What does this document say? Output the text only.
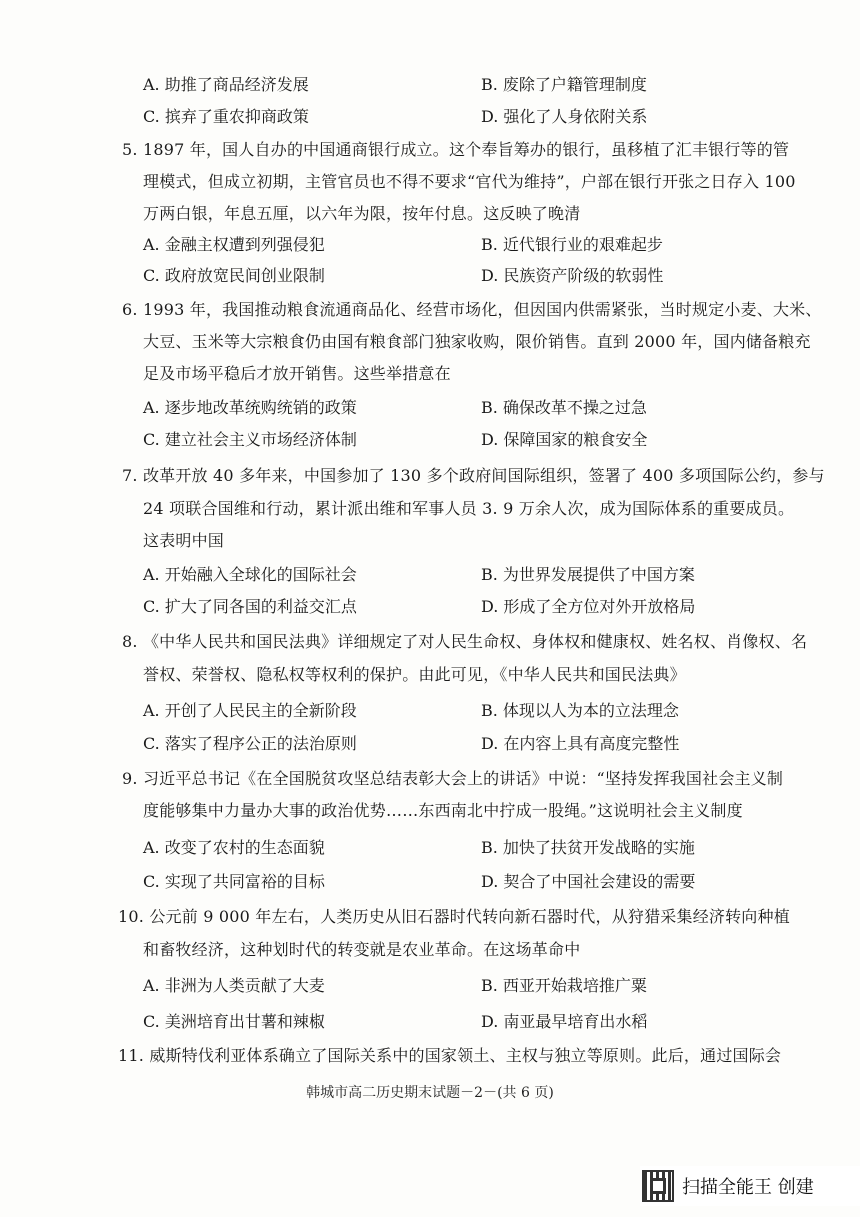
A. 助推了商品经济发展	B. 废除了户籍管理制度
C. 摈弃了重农抑商政策	D. 强化了人身依附关系
5. 1897 年，国人自办的中国通商银行成立。这个奉旨筹办的银行，虽移植了汇丰银行等的管
理模式，但成立初期，主管官员也不得不要求“官代为维持”，户部在银行开张之日存入 100
万两白银，年息五厘，以六年为限，按年付息。这反映了晚清
A. 金融主权遭到列强侵犯	B. 近代银行业的艰难起步
C. 政府放宽民间创业限制	D. 民族资产阶级的软弱性
6. 1993 年，我国推动粮食流通商品化、经营市场化，但因国内供需紧张，当时规定小麦、大米、
大豆、玉米等大宗粮食仍由国有粮食部门独家收购，限价销售。直到 2000 年，国内储备粮充
足及市场平稳后才放开销售。这些举措意在
A. 逐步地改革统购统销的政策	B. 确保改革不操之过急
C. 建立社会主义市场经济体制	D. 保障国家的粮食安全
7. 改革开放 40 多年来，中国参加了 130 多个政府间国际组织，签署了 400 多项国际公约，参与
24 项联合国维和行动，累计派出维和军事人员 3. 9 万余人次，成为国际体系的重要成员。
这表明中国
A. 开始融入全球化的国际社会	B. 为世界发展提供了中国方案
C. 扩大了同各国的利益交汇点	D. 形成了全方位对外开放格局
8. 《中华人民共和国民法典》详细规定了对人民生命权、身体权和健康权、姓名权、肖像权、名
誉权、荣誉权、隐私权等权利的保护。由此可见，《中华人民共和国民法典》
A. 开创了人民民主的全新阶段	B. 体现以人为本的立法理念
C. 落实了程序公正的法治原则	D. 在内容上具有高度完整性
9. 习近平总书记《在全国脱贫攻坚总结表彰大会上的讲话》中说：“坚持发挥我国社会主义制
度能够集中力量办大事的政治优势……东西南北中拧成一股绳。”这说明社会主义制度
A. 改变了农村的生态面貌	B. 加快了扶贫开发战略的实施
C. 实现了共同富裕的目标	D. 契合了中国社会建设的需要
10. 公元前 9 000 年左右，人类历史从旧石器时代转向新石器时代，从狩猎采集经济转向种植
和畜牧经济，这种划时代的转变就是农业革命。在这场革命中
A. 非洲为人类贡献了大麦	B. 西亚开始栽培推广粟
C. 美洲培育出甘薯和辣椒	D. 南亚最早培育出水稻
11. 威斯特伐利亚体系确立了国际关系中的国家领土、主权与独立等原则。此后，通过国际会
韩城市高二历史期末试题－2－(共 6 页)
扫描全能王 创建
